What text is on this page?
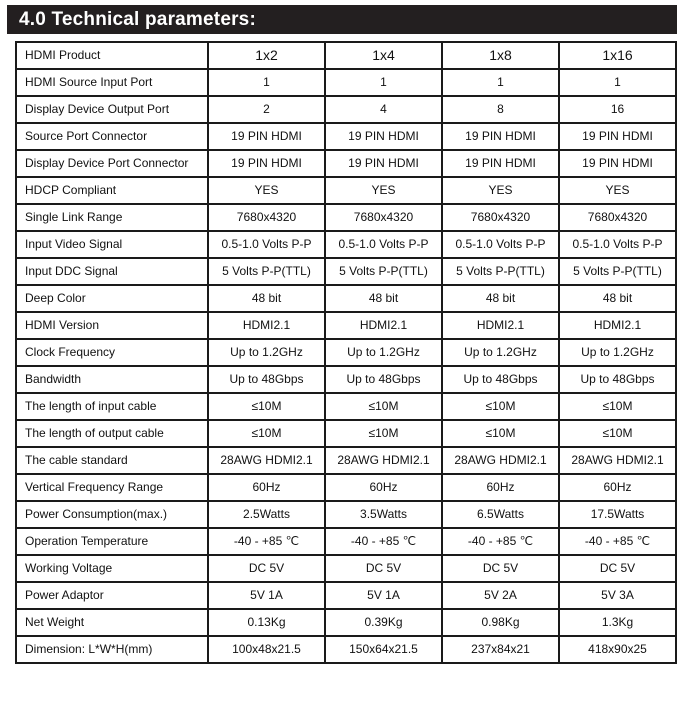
4.0 Technical parameters:
HDMI Product	1x2	1x4	1x8	1x16
HDMI Source Input Port	1	1	1	1
Display Device Output Port	2	4	8	16
Source Port Connector	19 PIN HDMI	19 PIN HDMI	19 PIN HDMI	19 PIN HDMI
Display Device Port Connector	19 PIN HDMI	19 PIN HDMI	19 PIN HDMI	19 PIN HDMI
HDCP Compliant	YES	YES	YES	YES
Single Link Range	7680x4320	7680x4320	7680x4320	7680x4320
Input Video Signal	0.5-1.0 Volts P-P	0.5-1.0 Volts P-P	0.5-1.0 Volts P-P	0.5-1.0 Volts P-P
Input DDC Signal	5 Volts P-P(TTL)	5 Volts P-P(TTL)	5 Volts P-P(TTL)	5 Volts P-P(TTL)
Deep Color	48 bit	48 bit	48 bit	48 bit
HDMI Version	HDMI2.1	HDMI2.1	HDMI2.1	HDMI2.1
Clock Frequency	Up to 1.2GHz	Up to 1.2GHz	Up to 1.2GHz	Up to 1.2GHz
Bandwidth	Up to 48Gbps	Up to 48Gbps	Up to 48Gbps	Up to 48Gbps
The length of input cable	≤10M	≤10M	≤10M	≤10M
The length of output cable	≤10M	≤10M	≤10M	≤10M
The cable standard	28AWG HDMI2.1	28AWG HDMI2.1	28AWG HDMI2.1	28AWG HDMI2.1
Vertical Frequency Range	60Hz	60Hz	60Hz	60Hz
Power Consumption(max.)	2.5Watts	3.5Watts	6.5Watts	17.5Watts
Operation Temperature	-40 - +85 ℃	-40 - +85 ℃	-40 - +85 ℃	-40 - +85 ℃
Working Voltage	DC 5V	DC 5V	DC 5V	DC 5V
Power Adaptor	5V 1A	5V 1A	5V 2A	5V 3A
Net Weight	0.13Kg	0.39Kg	0.98Kg	1.3Kg
Dimension: L*W*H(mm)	100x48x21.5	150x64x21.5	237x84x21	418x90x25
